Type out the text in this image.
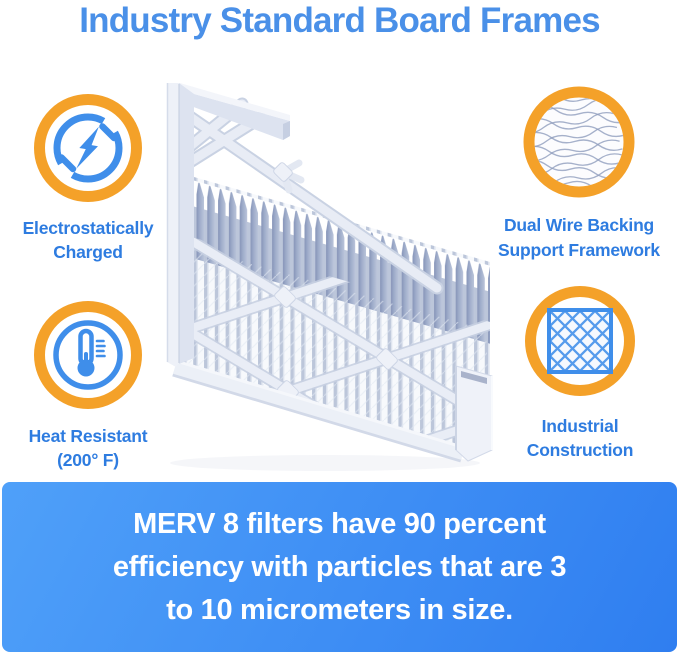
Industry Standard Board Frames
Electrostatically
Charged
Dual Wire Backing
Support Framework
Heat Resistant
(200° F)
Industrial
Construction
MERV 8 filters have 90 percent
efficiency with particles that are 3
to 10 micrometers in size.
